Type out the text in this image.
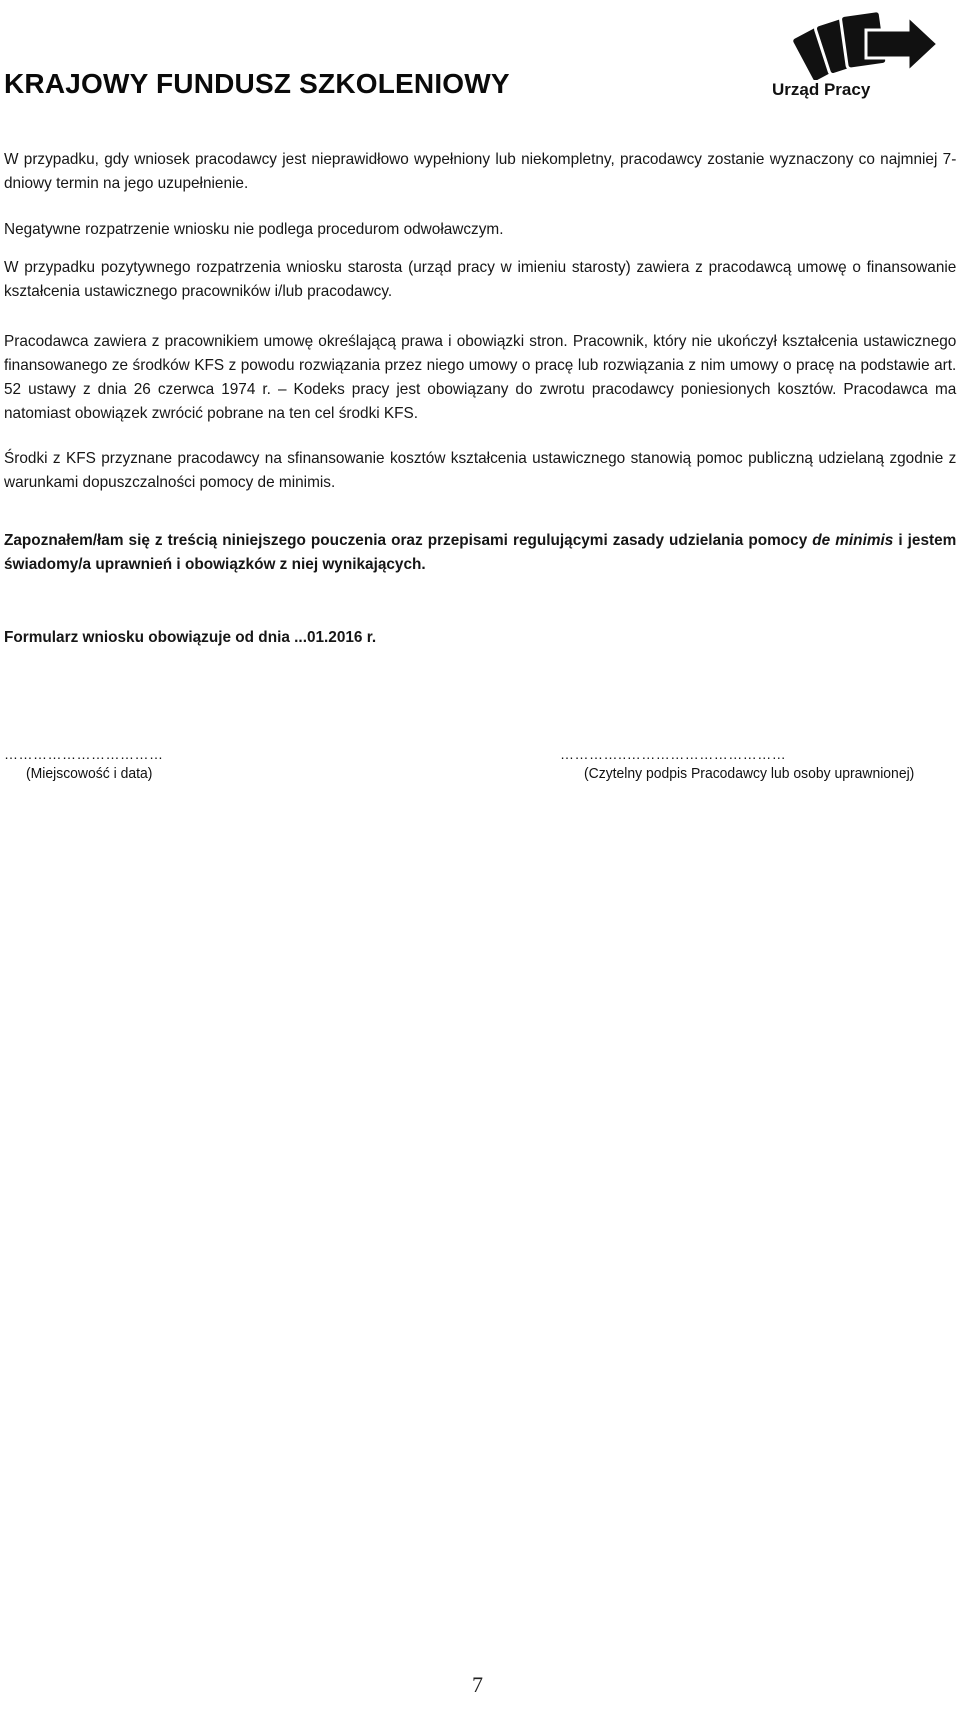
KRAJOWY FUNDUSZ SZKOLENIOWY	Urząd Pracy

W przypadku, gdy wniosek pracodawcy jest nieprawidłowo wypełniony lub niekompletny, pracodawcy zostanie wyznaczony co najmniej 7-dniowy termin na jego uzupełnienie.

Negatywne rozpatrzenie wniosku nie podlega procedurom odwoławczym.

W przypadku pozytywnego rozpatrzenia wniosku starosta (urząd pracy w imieniu starosty) zawiera z pracodawcą umowę o finansowanie kształcenia ustawicznego pracowników i/lub pracodawcy.

Pracodawca zawiera z pracownikiem umowę określającą prawa i obowiązki stron. Pracownik, który nie ukończył kształcenia ustawicznego finansowanego ze środków KFS z powodu rozwiązania przez niego umowy o pracę lub rozwiązania z nim umowy o pracę na podstawie art. 52 ustawy z dnia 26 czerwca 1974 r. – Kodeks pracy jest obowiązany do zwrotu pracodawcy poniesionych kosztów. Pracodawca ma natomiast obowiązek zwrócić pobrane na ten cel środki KFS.

Środki z KFS przyznane pracodawcy na sfinansowanie kosztów kształcenia ustawicznego stanowią pomoc publiczną udzielaną zgodnie z warunkami dopuszczalności pomocy de minimis.

Zapoznałem/łam się z treścią niniejszego pouczenia oraz przepisami regulującymi zasady udzielania pomocy de minimis i jestem świadomy/a uprawnień i obowiązków z niej wynikających.

Formularz wniosku obowiązuje od dnia ...01.2016 r.

……………………………
(Miejscowość i data)
…………..……………………………
(Czytelny podpis Pracodawcy lub osoby uprawnionej)
7
